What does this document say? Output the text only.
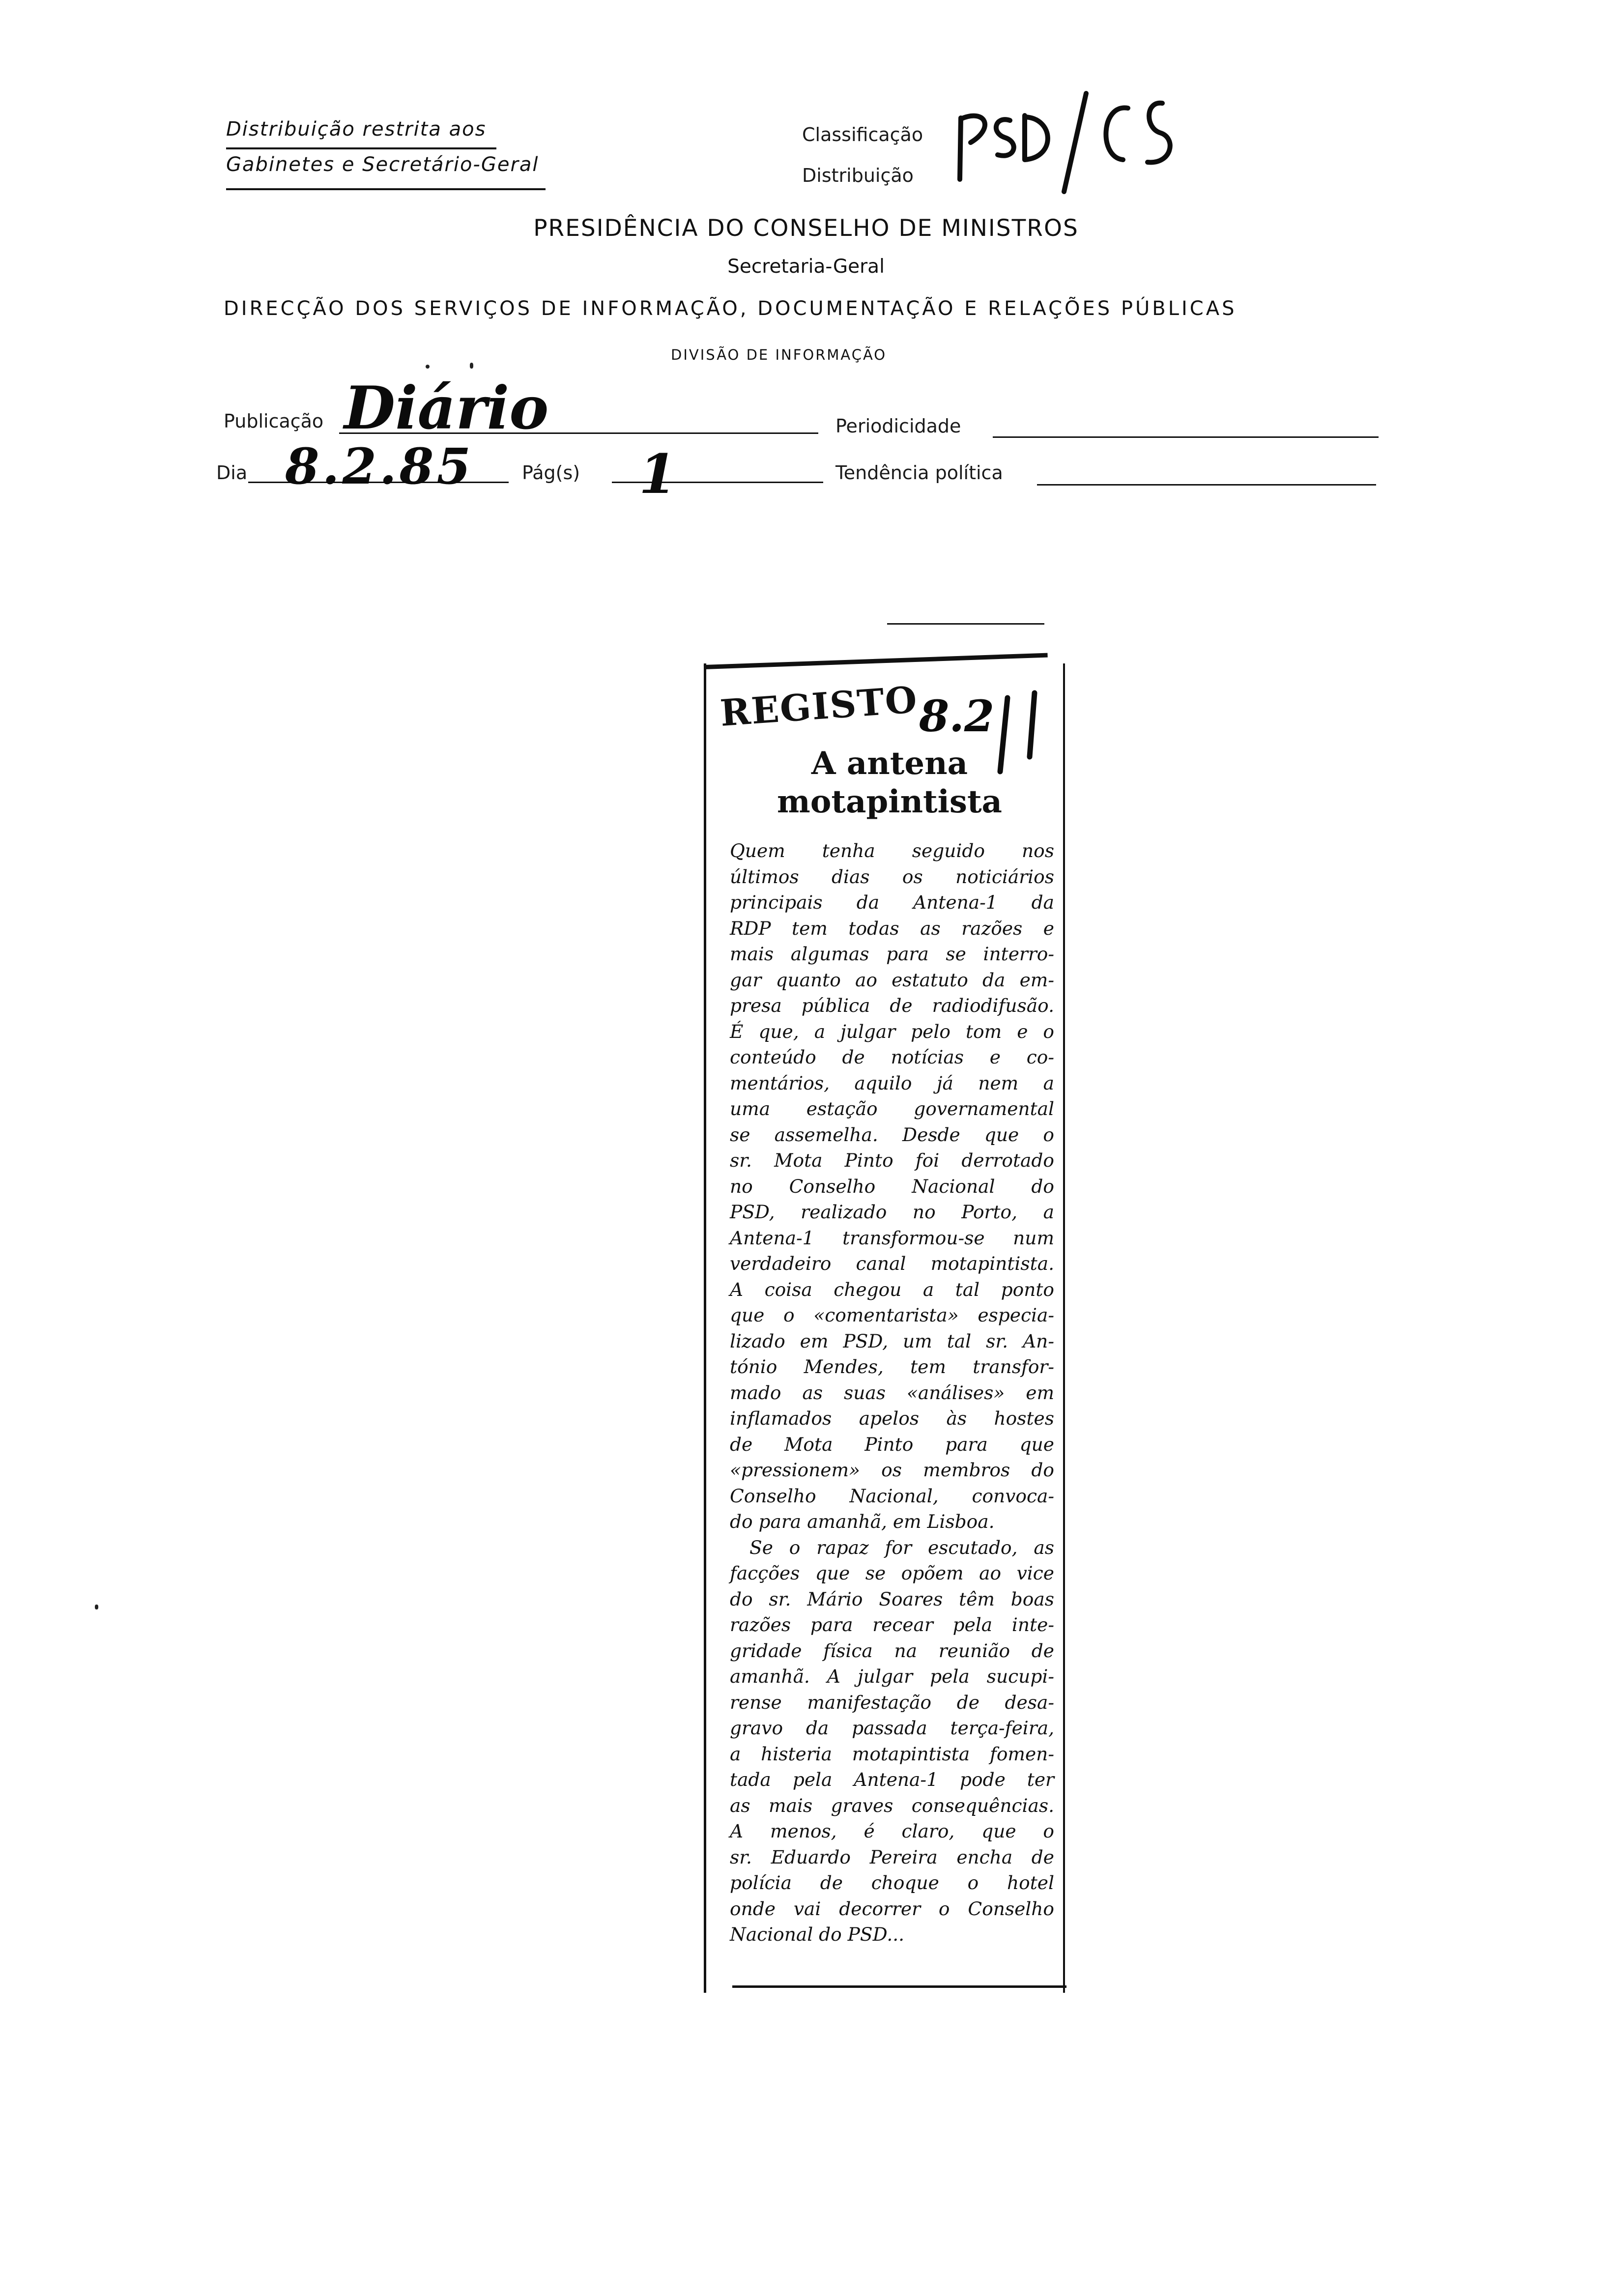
Distribuição restrita aos
Gabinetes e Secretário-Geral
Classificação
Distribuição
PRESIDÊNCIA DO CONSELHO DE MINISTROS
Secretaria-Geral
DIRECÇÃO DOS SERVIÇOS DE INFORMAÇÃO, DOCUMENTAÇÃO E RELAÇÕES PÚBLICAS
DIVISÃO DE INFORMAÇÃO
Publicação Diário	Periodicidade
Dia 8.2.85	Pág(s) 1	Tendência política
REGISTO 8.2
A antena
motapintista
Quem tenha seguido nos
últimos dias os noticiários
principais da Antena-1 da
RDP tem todas as razões e
mais algumas para se interro-
gar quanto ao estatuto da em-
presa pública de radiodifusão.
É que, a julgar pelo tom e o
conteúdo de notícias e co-
mentários, aquilo já nem a
uma estação governamental
se assemelha. Desde que o
sr. Mota Pinto foi derrotado
no Conselho Nacional do
PSD, realizado no Porto, a
Antena-1 transformou-se num
verdadeiro canal motapintista.
A coisa chegou a tal ponto
que o «comentarista» especia-
lizado em PSD, um tal sr. An-
tónio Mendes, tem transfor-
mado as suas «análises» em
inflamados apelos às hostes
de Mota Pinto para que
«pressionem» os membros do
Conselho Nacional, convoca-
do para amanhã, em Lisboa.
Se o rapaz for escutado, as
facções que se opõem ao vice
do sr. Mário Soares têm boas
razões para recear pela inte-
gridade física na reunião de
amanhã. A julgar pela sucupi-
rense manifestação de desa-
gravo da passada terça-feira,
a histeria motapintista fomen-
tada pela Antena-1 pode ter
as mais graves consequências.
A menos, é claro, que o
sr. Eduardo Pereira encha de
polícia de choque o hotel
onde vai decorrer o Conselho
Nacional do PSD...
